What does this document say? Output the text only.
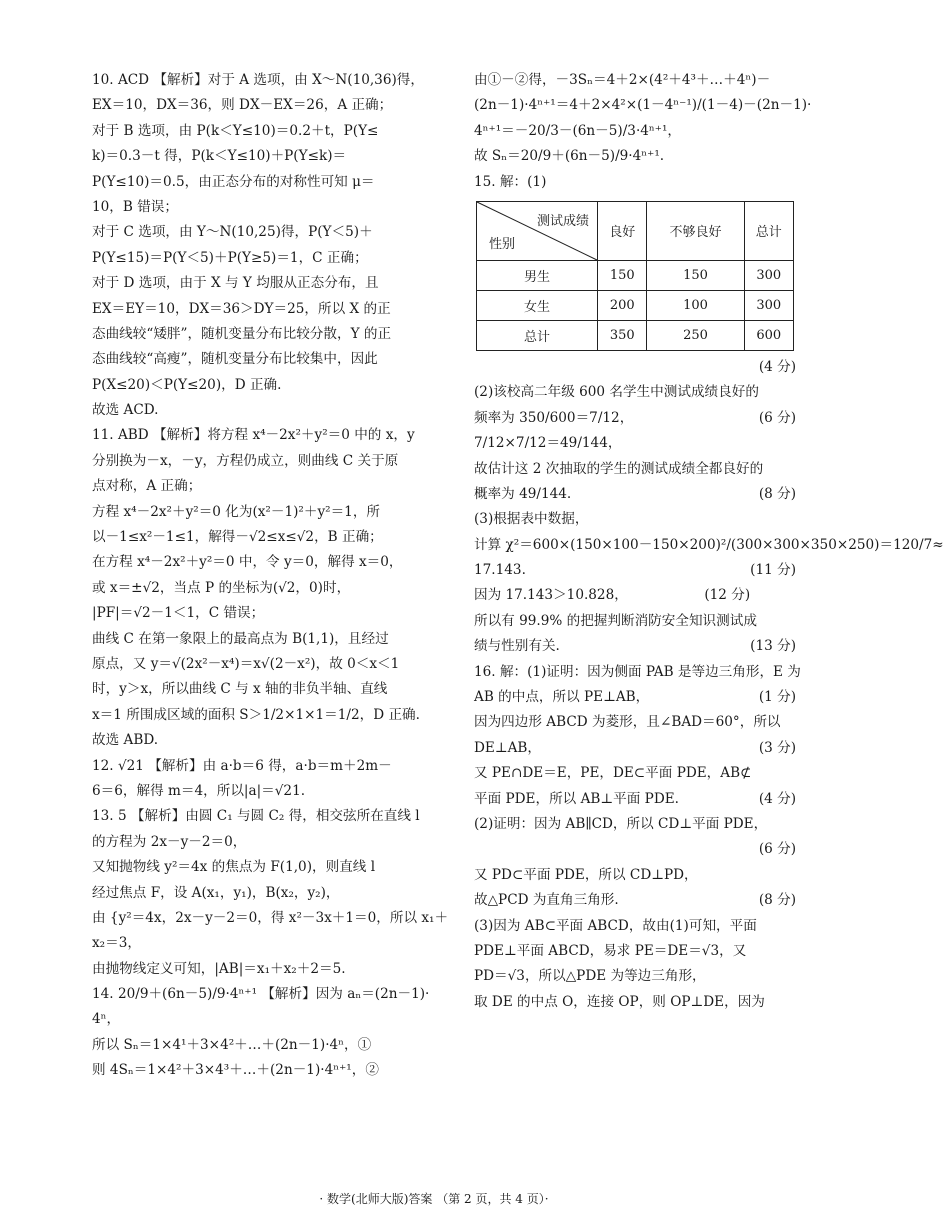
10. ACD 【解析】对于 A 选项，由 X～N(10,36)得，
EX＝10，DX＝36，则 DX－EX＝26，A 正确；
对于 B 选项，由 P(k＜Y≤10)＝0.2＋t，P(Y≤
k)＝0.3－t 得，P(k＜Y≤10)＋P(Y≤k)＝
P(Y≤10)＝0.5，由正态分布的对称性可知 μ＝
10，B 错误；
对于 C 选项，由 Y～N(10,25)得，P(Y＜5)＋
P(Y≤15)＝P(Y＜5)＋P(Y≥5)＝1，C 正确；
对于 D 选项，由于 X 与 Y 均服从正态分布，且
EX＝EY＝10，DX＝36＞DY＝25，所以 X 的正
态曲线较“矮胖”，随机变量分布比较分散，Y 的正
态曲线较“高瘦”，随机变量分布比较集中，因此
P(X≤20)＜P(Y≤20)，D 正确.
故选 ACD.
11. ABD 【解析】将方程 x⁴－2x²＋y²＝0 中的 x，y
分别换为－x，－y，方程仍成立，则曲线 C 关于原
点对称，A 正确；
方程 x⁴－2x²＋y²＝0 化为(x²－1)²＋y²＝1，所
以－1≤x²－1≤1，解得－√2≤x≤√2，B 正确；
在方程 x⁴－2x²＋y²＝0 中，令 y＝0，解得 x＝0，
或 x＝±√2，当点 P 的坐标为(√2，0)时，
|PF|＝√2－1＜1，C 错误；
曲线 C 在第一象限上的最高点为 B(1,1)，且经过
原点，又 y＝√(2x²－x⁴)＝x√(2－x²)，故 0＜x＜1
时，y＞x，所以曲线 C 与 x 轴的非负半轴、直线
x＝1 所围成区域的面积 S＞1/2×1×1＝1/2，D 正确.
故选 ABD.
12. √21 【解析】由 a·b＝6 得，a·b＝m＋2m－
6＝6，解得 m＝4，所以|a|＝√21.
13. 5 【解析】由圆 C₁ 与圆 C₂ 得，相交弦所在直线 l
的方程为 2x－y－2＝0，
又知抛物线 y²＝4x 的焦点为 F(1,0)，则直线 l
经过焦点 F，设 A(x₁，y₁)，B(x₂，y₂)，
由 {y²＝4x，2x－y－2＝0，得 x²－3x＋1＝0，所以 x₁＋
x₂＝3，
由抛物线定义可知，|AB|＝x₁＋x₂＋2＝5.
14. 20/9＋(6n－5)/9·4ⁿ⁺¹ 【解析】因为 aₙ＝(2n－1)·
4ⁿ，
所以 Sₙ＝1×4¹＋3×4²＋…＋(2n－1)·4ⁿ，①
则 4Sₙ＝1×4²＋3×4³＋…＋(2n－1)·4ⁿ⁺¹，②
由①－②得，－3Sₙ＝4＋2×(4²＋4³＋…＋4ⁿ)－
(2n－1)·4ⁿ⁺¹＝4＋2×4²×(1－4ⁿ⁻¹)/(1－4)－(2n－1)·
4ⁿ⁺¹＝－20/3－(6n－5)/3·4ⁿ⁺¹，
故 Sₙ＝20/9＋(6n－5)/9·4ⁿ⁺¹.
15. 解：(1)
测试成绩
性别	良好	不够良好	总计
男生	150	150	300
女生	200	100	300
总计	350	250	600
(4 分)
(2)该校高二年级 600 名学生中测试成绩良好的
(6 分)
频率为 350/600＝7/12，
7/12×7/12＝49/144，
故估计这 2 次抽取的学生的测试成绩全都良好的
(8 分)
概率为 49/144.
(3)根据表中数据，
计算 χ²＝600×(150×100－150×200)²/(300×300×350×250)＝120/7≈
(11 分)
17.143.
(12 分)
因为 17.143＞10.828，
所以有 99.9% 的把握判断消防安全知识测试成
(13 分)
绩与性别有关.
16. 解：(1)证明：因为侧面 PAB 是等边三角形，E 为
(1 分)
AB 的中点，所以 PE⊥AB，
因为四边形 ABCD 为菱形，且∠BAD＝60°，所以
(3 分)
DE⊥AB，
又 PE∩DE＝E，PE，DE⊂平面 PDE，AB⊄
(4 分)
平面 PDE，所以 AB⊥平面 PDE.
(2)证明：因为 AB∥CD，所以 CD⊥平面 PDE，
(6 分)
又 PD⊂平面 PDE，所以 CD⊥PD，
(8 分)
故△PCD 为直角三角形.
(3)因为 AB⊂平面 ABCD，故由(1)可知，平面
PDE⊥平面 ABCD，易求 PE＝DE＝√3，又
PD＝√3，所以△PDE 为等边三角形，
取 DE 的中点 O，连接 OP，则 OP⊥DE，因为
· 数学(北师大版)答案 （第 2 页，共 4 页）·
